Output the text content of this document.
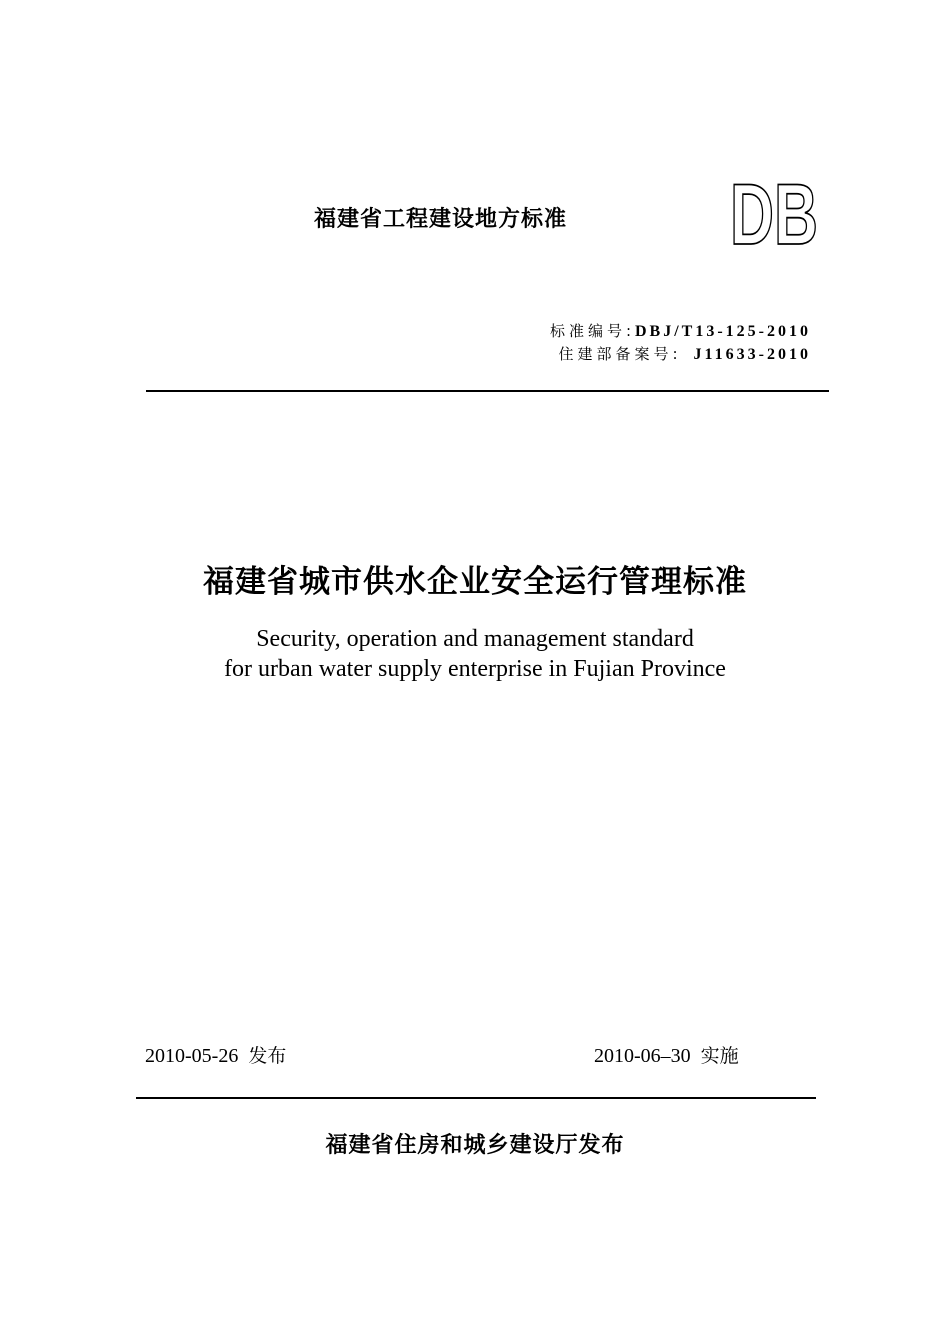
福建省工程建设地方标准 DB
标准编号: DBJ/T13-125-2010
住建部备案号: J11633-2010
福建省城市供水企业安全运行管理标准
Security, operation and management standard
for urban water supply enterprise in Fujian Province
2010-05-26 发布	2010-06–30 实施
福建省住房和城乡建设厅发布
